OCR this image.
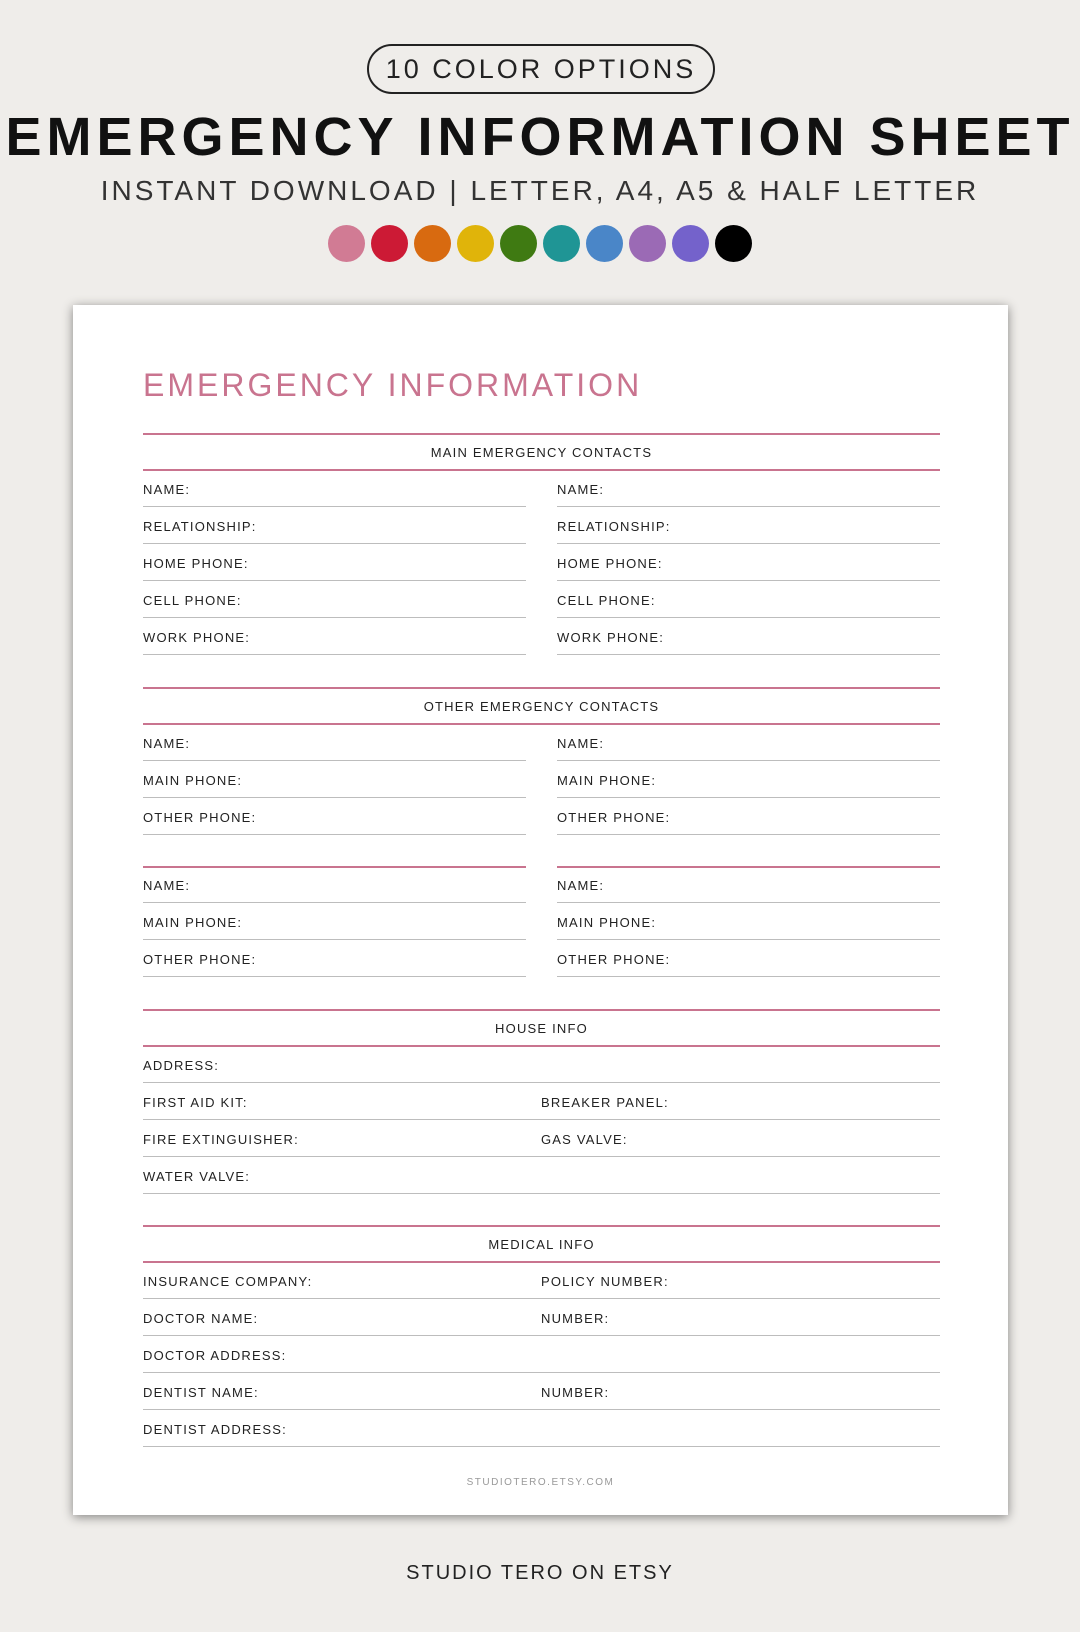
10 COLOR OPTIONS
EMERGENCY INFORMATION SHEET
INSTANT DOWNLOAD | LETTER, A4, A5 & HALF LETTER
EMERGENCY INFORMATION
MAIN EMERGENCY CONTACTS
NAME:	NAME:
RELATIONSHIP:	RELATIONSHIP:
HOME PHONE:	HOME PHONE:
CELL PHONE:	CELL PHONE:
WORK PHONE:	WORK PHONE:
OTHER EMERGENCY CONTACTS
NAME:	NAME:
MAIN PHONE:	MAIN PHONE:
OTHER PHONE:	OTHER PHONE:
NAME:	NAME:
MAIN PHONE:	MAIN PHONE:
OTHER PHONE:	OTHER PHONE:
HOUSE INFO
ADDRESS:
FIRST AID KIT:	BREAKER PANEL:
FIRE EXTINGUISHER:	GAS VALVE:
WATER VALVE:
MEDICAL INFO
INSURANCE COMPANY:	POLICY NUMBER:
DOCTOR NAME:	NUMBER:
DOCTOR ADDRESS:
DENTIST NAME:	NUMBER:
DENTIST ADDRESS:
STUDIOTERO.ETSY.COM
STUDIO TERO ON ETSY
